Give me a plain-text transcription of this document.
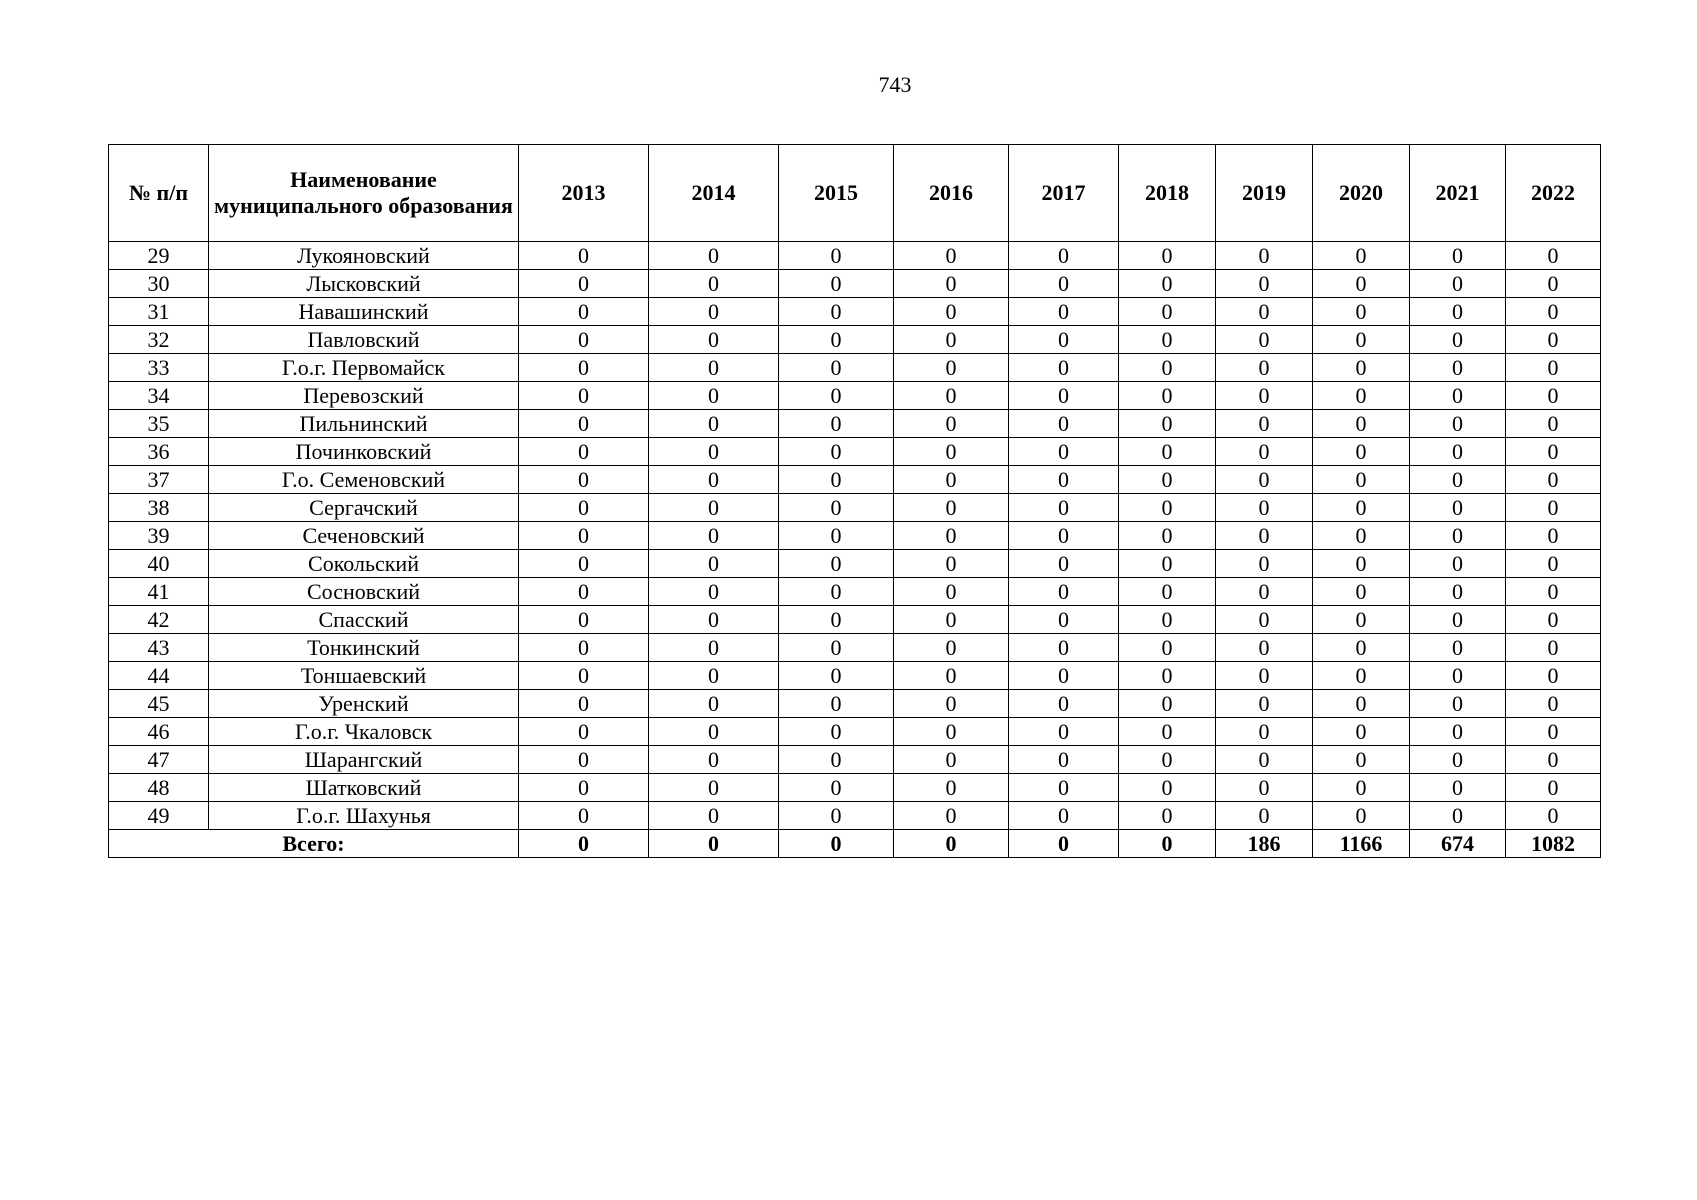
743
№ п/п	Наименование муниципального образования	2013	2014	2015	2016	2017	2018	2019	2020	2021	2022
29	Лукояновский	0	0	0	0	0	0	0	0	0	0
30	Лысковский	0	0	0	0	0	0	0	0	0	0
31	Навашинский	0	0	0	0	0	0	0	0	0	0
32	Павловский	0	0	0	0	0	0	0	0	0	0
33	Г.о.г. Первомайск	0	0	0	0	0	0	0	0	0	0
34	Перевозский	0	0	0	0	0	0	0	0	0	0
35	Пильнинский	0	0	0	0	0	0	0	0	0	0
36	Починковский	0	0	0	0	0	0	0	0	0	0
37	Г.о. Семеновский	0	0	0	0	0	0	0	0	0	0
38	Сергачский	0	0	0	0	0	0	0	0	0	0
39	Сеченовский	0	0	0	0	0	0	0	0	0	0
40	Сокольский	0	0	0	0	0	0	0	0	0	0
41	Сосновский	0	0	0	0	0	0	0	0	0	0
42	Спасский	0	0	0	0	0	0	0	0	0	0
43	Тонкинский	0	0	0	0	0	0	0	0	0	0
44	Тоншаевский	0	0	0	0	0	0	0	0	0	0
45	Уренский	0	0	0	0	0	0	0	0	0	0
46	Г.о.г. Чкаловск	0	0	0	0	0	0	0	0	0	0
47	Шарангский	0	0	0	0	0	0	0	0	0	0
48	Шатковский	0	0	0	0	0	0	0	0	0	0
49	Г.о.г. Шахунья	0	0	0	0	0	0	0	0	0	0
Всего:		0	0	0	0	0	0	186	1166	674	1082
